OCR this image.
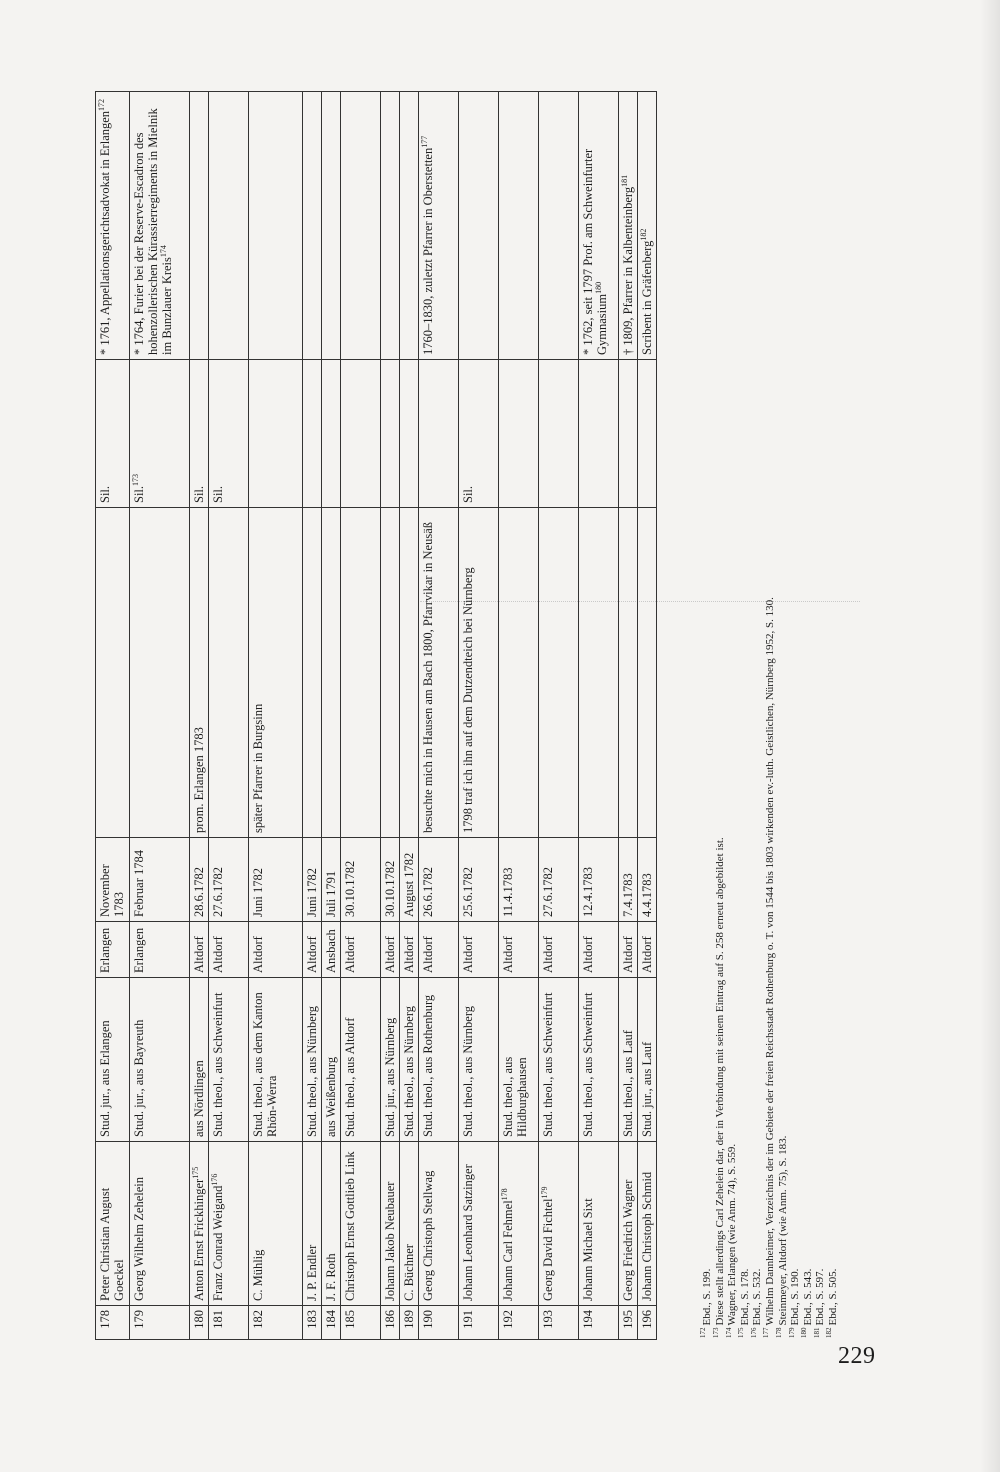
178	Peter Christian August Goeckel	Stud. jur., aus Erlangen	Erlangen	November 1783		Sil.	* 1761, Appellationsgerichtsadvokat in Erlangen$^{172}$
179	Georg Wilhelm Zehelein	Stud. jur., aus Bayreuth	Erlangen	Februar 1784		Sil.$^{173}$	* 1764, Furier bei der Reserve-Escadron des hohenzollerischen Kürassierregiments in Mielnik im Bunzlauer Kreis$^{174}$
180	Anton Ernst Frickhinger$^{175}$	aus Nördlingen	Altdorf	28.6.1782	prom. Erlangen 1783	Sil.	
181	Franz Conrad Weigand$^{176}$	Stud. theol., aus Schweinfurt	Altdorf	27.6.1782		Sil.	
182	C. Mühlig	Stud. theol., aus dem Kanton Rhön-Werra	Altdorf	Juni 1782	später Pfarrer in Burgsinn		
183	J. P. Endler	Stud. theol., aus Nürnberg	Altdorf	Juni 1782			
184	J. F. Roth	aus Weißenburg	Ansbach	Juli 1791			
185	Christoph Ernst Gottlieb Link	Stud. theol., aus Altdorf	Altdorf	30.10.1782			
186	Johann Jakob Neubauer	Stud. jur., aus Nürnberg	Altdorf	30.10.1782			
189	C. Büchner	Stud. theol., aus Nürnberg	Altdorf	August 1782			
190	Georg Christoph Stellwag	Stud. theol., aus Rothenburg	Altdorf	26.6.1782	besuchte mich in Hausen am Bach 1800, Pfarrvikar in Neusäß		1760–1830, zuletzt Pfarrer in Oberstetten$^{177}$
191	Johann Leonhard Satzinger	Stud. theol., aus Nürnberg	Altdorf	25.6.1782	1798 traf ich ihn auf dem Dutzendteich bei Nürnberg	Sil.	
192	Johann Carl Fehmel$^{178}$	Stud. theol., aus Hildburghausen	Altdorf	11.4.1783			
193	Georg David Fichtel$^{179}$	Stud. theol., aus Schweinfurt	Altdorf	27.6.1782			
194	Johann Michael Sixt	Stud. theol., aus Schweinfurt	Altdorf	12.4.1783			* 1762, seit 1797 Prof. am Schweinfurter Gymnasium$^{180}$
195	Georg Friedrich Wagner	Stud. theol., aus Lauf	Altdorf	7.4.1783			† 1809, Pfarrer in Kalbenteinberg$^{181}$
196	Johann Christoph Schmid	Stud. jur., aus Lauf	Altdorf	4.4.1783			Scribent in Gräfenberg$^{182}$
$^{172}$Ebd., S. 199.
$^{173}$Diese stellt allerdings Carl Zehelein dar, der in Verbindung mit seinem Eintrag auf S. 258 erneut abgebildet ist.
$^{174}$Wagner, Erlangen (wie Anm. 74), S. 559.
$^{175}$Ebd., S. 178.
$^{176}$Ebd., S. 532.
$^{177}$Wilhelm Dannheimer, Verzeichnis der im Gebiete der freien Reichsstadt Rothenburg o. T. von 1544 bis 1803 wirkenden ev.-luth. Geistlichen, Nürnberg 1952, S. 130.
$^{178}$Steinmeyer, Altdorf (wie Anm. 75), S. 183.
$^{179}$Ebd., S. 190.
$^{180}$Ebd., S. 543.
$^{181}$Ebd., S. 597.
$^{182}$Ebd., S. 505.
229
